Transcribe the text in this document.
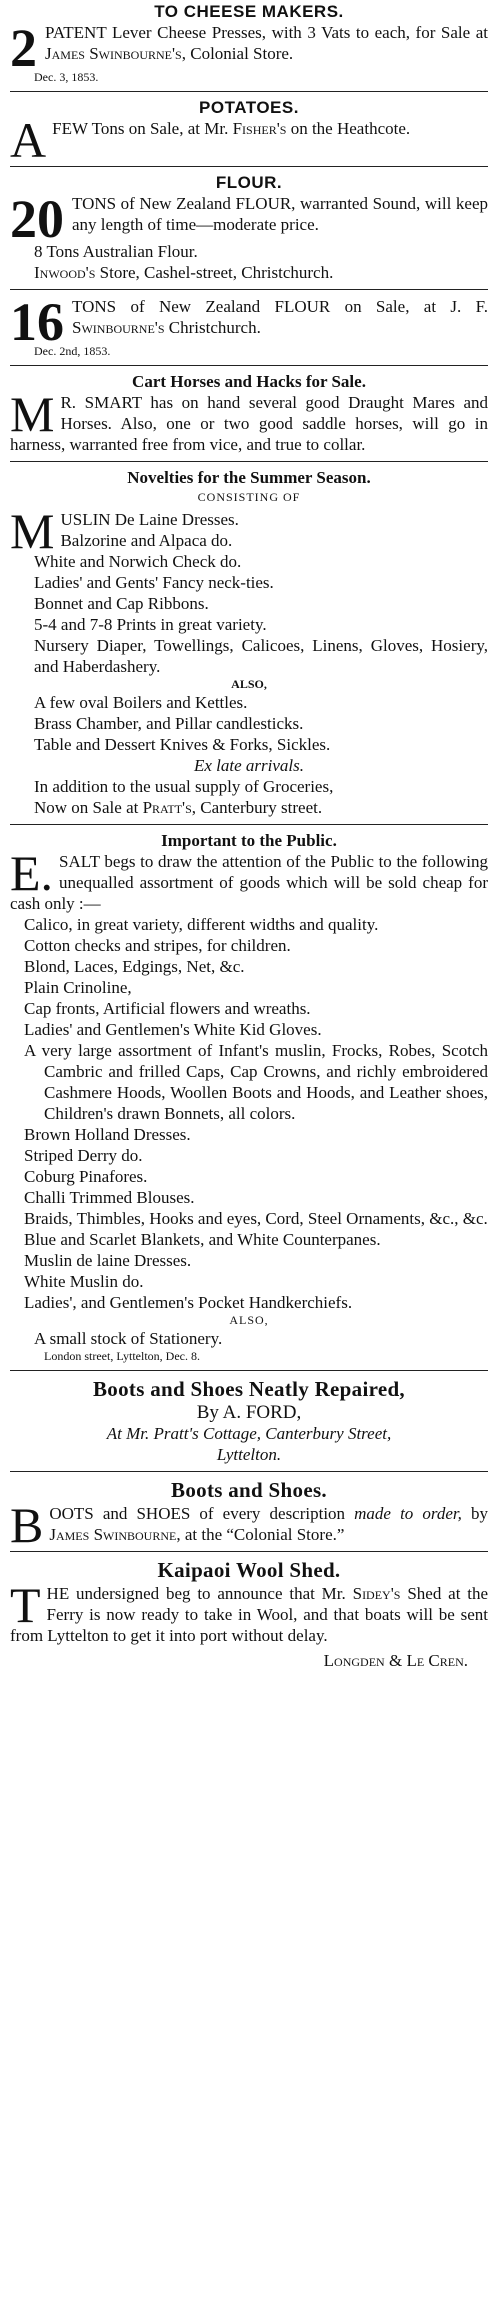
TO CHEESE MAKERS.
2 PATENT Lever Cheese Presses, with 3 Vats to each, for Sale at James Swinbourne's, Colonial Store.
Dec. 3, 1853.
POTATOES.
A FEW Tons on Sale, at Mr. Fisher's on the Heathcote.
FLOUR.
20 TONS of New Zealand FLOUR, warranted Sound, will keep any length of time—moderate price.
8 Tons Australian Flour.
Inwood's Store, Cashel-street, Christchurch.
16 TONS of New Zealand FLOUR on Sale, at J. F. Swinbourne's Christchurch.
Dec. 2nd, 1853.
Cart Horses and Hacks for Sale.
M R. SMART has on hand several good Draught Mares and Horses. Also, one or two good saddle horses, will go in harness, warranted free from vice, and true to collar.
Novelties for the Summer Season.
CONSISTING OF
M USLIN De Laine Dresses.
Balzorine and Alpaca do.
White and Norwich Check do.
Ladies' and Gents' Fancy neck-ties.
Bonnet and Cap Ribbons.
5-4 and 7-8 Prints in great variety.
Nursery Diaper, Towellings, Calicoes, Linens, Gloves, Hosiery, and Haberdashery.
ALSO,
A few oval Boilers and Kettles.
Brass Chamber, and Pillar candlesticks.
Table and Dessert Knives & Forks, Sickles.
Ex late arrivals.
In addition to the usual supply of Groceries,
Now on Sale at Pratt's, Canterbury street.
Important to the Public.
E. SALT begs to draw the attention of the Public to the following unequalled assortment of goods which will be sold cheap for cash only :—
Calico, in great variety, different widths and quality.
Cotton checks and stripes, for children.
Blond, Laces, Edgings, Net, &c.
Plain Crinoline,
Cap fronts, Artificial flowers and wreaths.
Ladies' and Gentlemen's White Kid Gloves.
A very large assortment of Infant's muslin, Frocks, Robes, Scotch Cambric and frilled Caps, Cap Crowns, and richly embroidered Cashmere Hoods, Woollen Boots and Hoods, and Leather shoes, Children's drawn Bonnets, all colors.
Brown Holland Dresses.
Striped Derry do.
Coburg Pinafores.
Challi Trimmed Blouses.
Braids, Thimbles, Hooks and eyes, Cord, Steel Ornaments, &c., &c.
Blue and Scarlet Blankets, and White Counterpanes.
Muslin de laine Dresses.
White Muslin do.
Ladies', and Gentlemen's Pocket Handkerchiefs.
ALSO,
A small stock of Stationery.
London street, Lyttelton, Dec. 8.
Boots and Shoes Neatly Repaired,
By A. FORD,
At Mr. Pratt's Cottage, Canterbury Street,
Lyttelton.
Boots and Shoes.
B OOTS and SHOES of every description made to order, by James Swinbourne, at the “Colonial Store.”
Kaipaoi Wool Shed.
T HE undersigned beg to announce that Mr. Sidey's Shed at the Ferry is now ready to take in Wool, and that boats will be sent from Lyttelton to get it into port without delay.
Longden & Le Cren.
